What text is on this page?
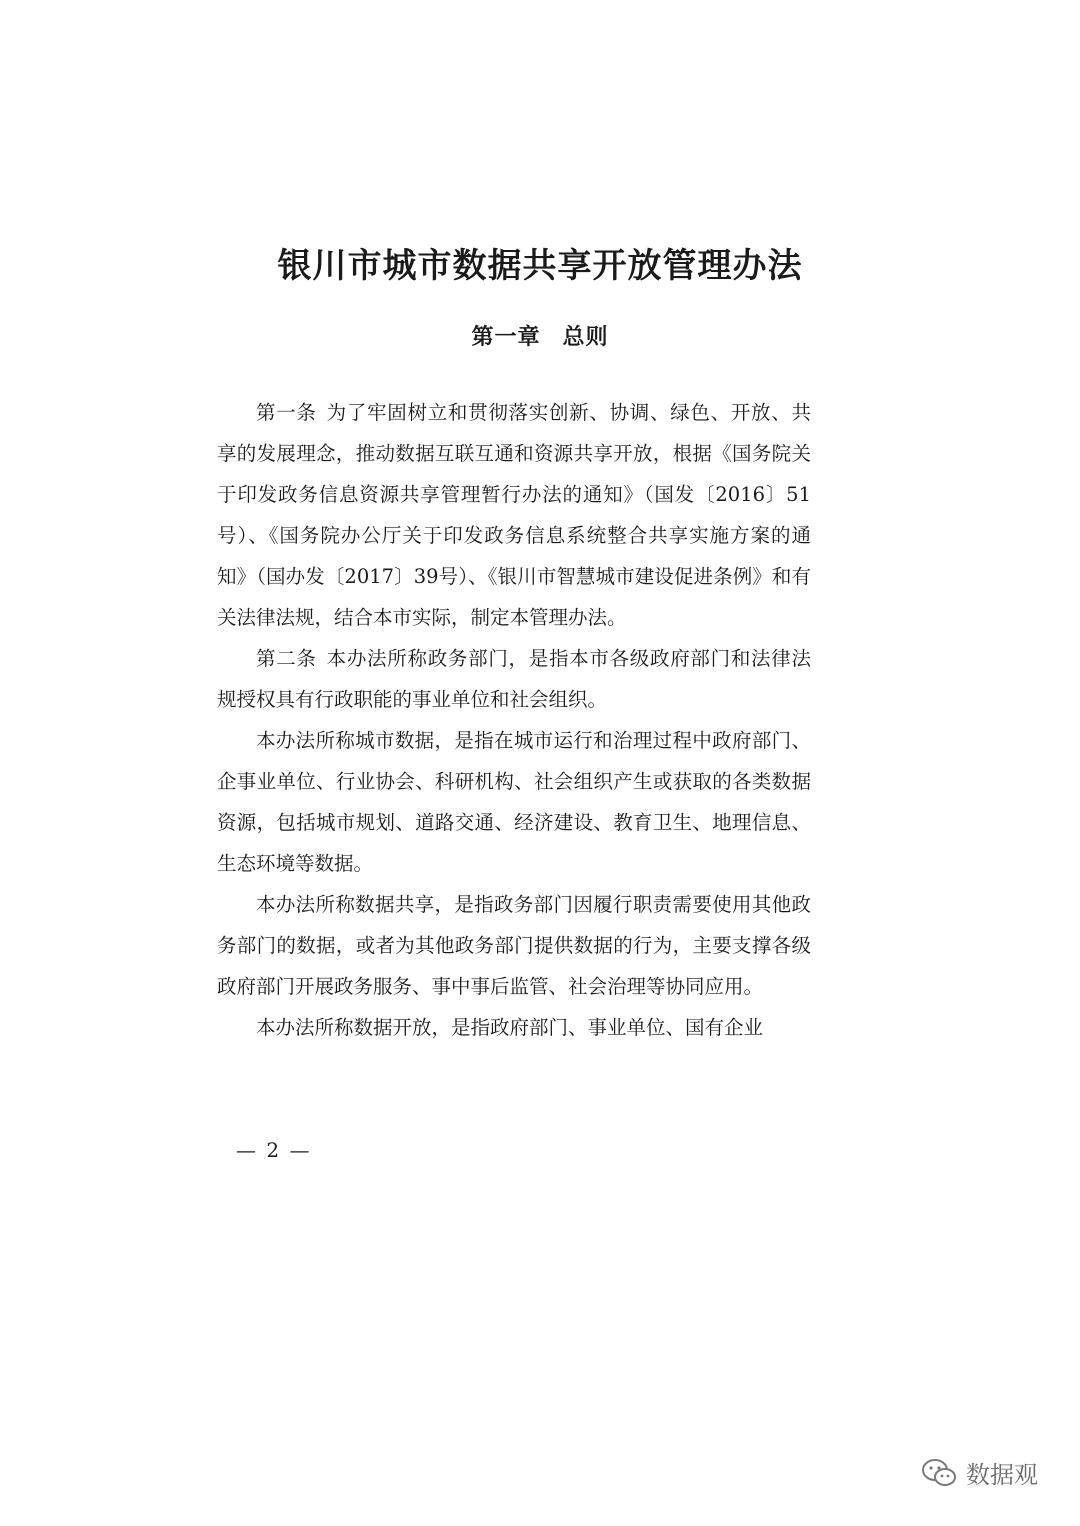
银川市城市数据共享开放管理办法
第一章 总则

第一条 为了牢固树立和贯彻落实创新、协调、绿色、开放、共享的发展理念，推动数据互联互通和资源共享开放，根据《国务院关于印发政务信息资源共享管理暂行办法的通知》（国发〔2016〕51号）、《国务院办公厅关于印发政务信息系统整合共享实施方案的通知》（国办发〔2017〕39号）、《银川市智慧城市建设促进条例》和有关法律法规，结合本市实际，制定本管理办法。

第二条 本办法所称政务部门，是指本市各级政府部门和法律法规授权具有行政职能的事业单位和社会组织。

本办法所称城市数据，是指在城市运行和治理过程中政府部门、企事业单位、行业协会、科研机构、社会组织产生或获取的各类数据资源，包括城市规划、道路交通、经济建设、教育卫生、地理信息、生态环境等数据。

本办法所称数据共享，是指政务部门因履行职责需要使用其他政务部门的数据，或者为其他政务部门提供数据的行为，主要支撑各级政府部门开展政务服务、事中事后监管、社会治理等协同应用。

本办法所称数据开放，是指政府部门、事业单位、国有企业

— 2 —
数据观
